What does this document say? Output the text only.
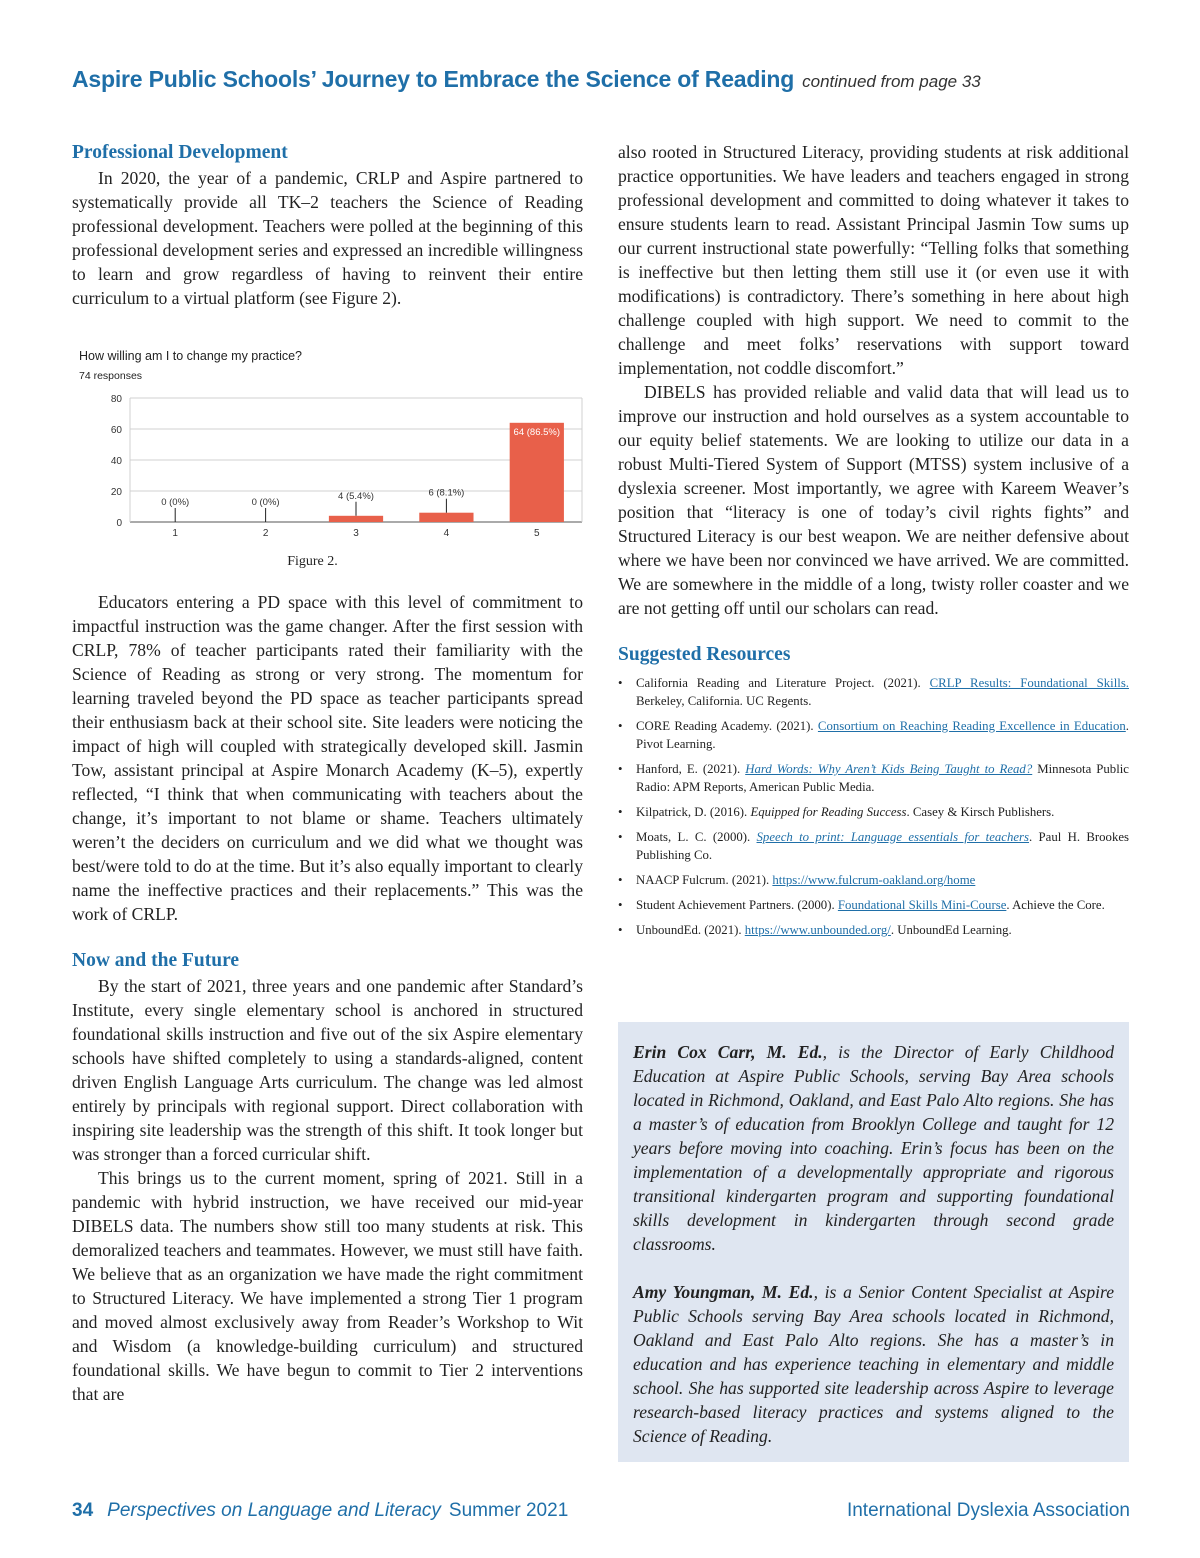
Aspire Public Schools’ Journey to Embrace the Science of Reading continued from page 33
Professional Development

In 2020, the year of a pandemic, CRLP and Aspire partnered to systematically provide all TK–2 teachers the Science of Reading professional development. Teachers were polled at the beginning of this professional development series and expressed an incredible willingness to learn and grow regardless of having to reinvent their entire curriculum to a virtual platform (see Figure 2).

How willing am I to change my practice?
74 responses
0 (0%)	0 (0%)
4 (5.4%)	6 (8.1%)
64 (86.5%)
1	2	3	4	5
0
20
40
60
80
Figure 2.

Educators entering a PD space with this level of commitment to impactful instruction was the game changer. After the first session with CRLP, 78% of teacher participants rated their familiarity with the Science of Reading as strong or very strong. The momentum for learning traveled beyond the PD space as teacher participants spread their enthusiasm back at their school site. Site leaders were noticing the impact of high will coupled with strategically developed skill. Jasmin Tow, assistant principal at Aspire Monarch Academy (K–5), expertly reflected, “I think that when communicating with teachers about the change, it’s important to not blame or shame. Teachers ultimately weren’t the deciders on curriculum and we did what we thought was best/were told to do at the time. But it’s also equally important to clearly name the ineffective practices and their replacements.” This was the work of CRLP.

Now and the Future

By the start of 2021, three years and one pandemic after Standard’s Institute, every single elementary school is anchored in structured foundational skills instruction and five out of the six Aspire elementary schools have shifted completely to using a standards-aligned, content driven English Language Arts curriculum. The change was led almost entirely by principals with regional support. Direct collaboration with inspiring site leadership was the strength of this shift. It took longer but was stronger than a forced curricular shift.

This brings us to the current moment, spring of 2021. Still in a pandemic with hybrid instruction, we have received our mid-year DIBELS data. The numbers show still too many students at risk. This demoralized teachers and teammates. However, we must still have faith. We believe that as an organization we have made the right commitment to Structured Literacy. We have implemented a strong Tier 1 program and moved almost exclusively away from Reader’s Workshop to Wit and Wisdom (a knowledge-building curriculum) and structured foundational skills. We have begun to commit to Tier 2 interventions that are

also rooted in Structured Literacy, providing students at risk additional practice opportunities. We have leaders and teachers engaged in strong professional development and committed to doing whatever it takes to ensure students learn to read. Assistant Principal Jasmin Tow sums up our current instructional state powerfully: “Telling folks that something is ineffective but then letting them still use it (or even use it with modifications) is contradictory. There’s something in here about high challenge coupled with high support. We need to commit to the challenge and meet folks’ reservations with support toward implementation, not coddle discomfort.”

DIBELS has provided reliable and valid data that will lead us to improve our instruction and hold ourselves as a system accountable to our equity belief statements. We are looking to utilize our data in a robust Multi-Tiered System of Support (MTSS) system inclusive of a dyslexia screener. Most importantly, we agree with Kareem Weaver’s position that “literacy is one of today’s civil rights fights” and Structured Literacy is our best weapon. We are neither defensive about where we have been nor convinced we have arrived. We are committed. We are somewhere in the middle of a long, twisty roller coaster and we are not getting off until our scholars can read.

Suggested Resources
• California Reading and Literature Project. (2021). CRLP Results: Foundational Skills. Berkeley, California. UC Regents.
• CORE Reading Academy. (2021). Consortium on Reaching Reading Excellence in Education. Pivot Learning.
• Hanford, E. (2021). Hard Words: Why Aren’t Kids Being Taught to Read? Minnesota Public Radio: APM Reports, American Public Media.
• Kilpatrick, D. (2016). Equipped for Reading Success. Casey & Kirsch Publishers.
• Moats, L. C. (2000). Speech to print: Language essentials for teachers. Paul H. Brookes Publishing Co.
• NAACP Fulcrum. (2021). https://www.fulcrum-oakland.org/home
• Student Achievement Partners. (2000). Foundational Skills Mini-Course. Achieve the Core.
• UnboundEd. (2021). https://www.unbounded.org/. UnboundEd Learning.

Erin Cox Carr, M. Ed., is the Director of Early Childhood Education at Aspire Public Schools, serving Bay Area schools located in Richmond, Oakland, and East Palo Alto regions. She has a master’s of education from Brooklyn College and taught for 12 years before moving into coaching. Erin’s focus has been on the implementation of a developmentally appropriate and rigorous transitional kindergarten program and supporting foundational skills development in kindergarten through second grade classrooms.

Amy Youngman, M. Ed., is a Senior Content Specialist at Aspire Public Schools serving Bay Area schools located in Richmond, Oakland and East Palo Alto regions. She has a master’s in education and has experience teaching in elementary and middle school. She has supported site leadership across Aspire to leverage research-based literacy practices and systems aligned to the Science of Reading.

34 Perspectives on Language and Literacy Summer 2021	International Dyslexia Association
